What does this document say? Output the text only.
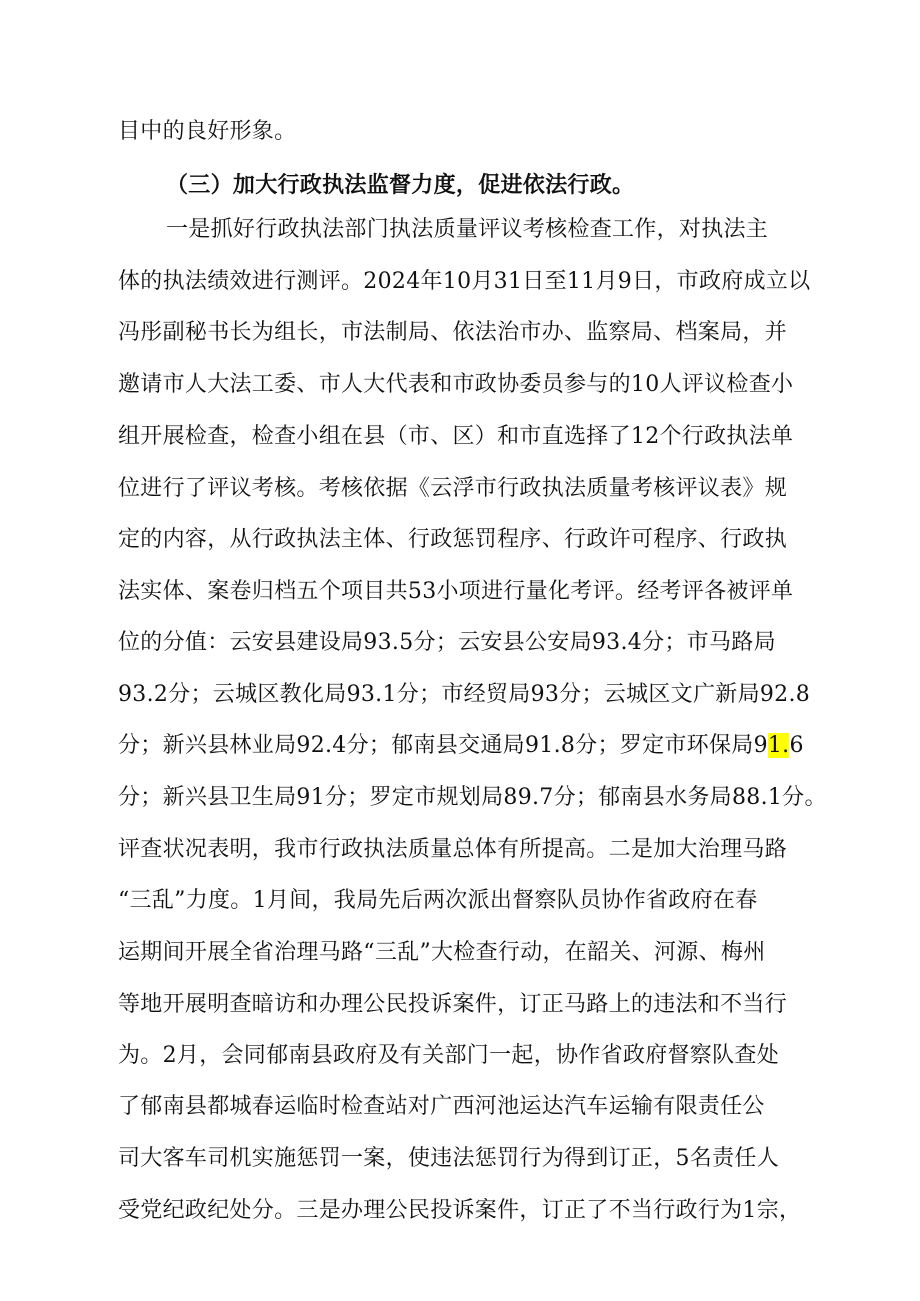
目中的良好形象。
（三）加大行政执法监督力度，促进依法行政。
一是抓好行政执法部门执法质量评议考核检查工作，对执法主
体的执法绩效进行测评。2024年10月31日至11月9日，市政府成立以
冯彤副秘书长为组长，市法制局、依法治市办、监察局、档案局，并
邀请市人大法工委、市人大代表和市政协委员参与的10人评议检查小
组开展检查，检查小组在县（市、区）和市直选择了12个行政执法单
位进行了评议考核。考核依据《云浮市行政执法质量考核评议表》规
定的内容，从行政执法主体、行政惩罚程序、行政许可程序、行政执
法实体、案卷归档五个项目共53小项进行量化考评。经考评各被评单
位的分值：云安县建设局93.5分；云安县公安局93.4分；市马路局
93.2分；云城区教化局93.1分；市经贸局93分；云城区文广新局92.8
分；新兴县林业局92.4分；郁南县交通局91.8分；罗定市环保局91.6
分；新兴县卫生局91分；罗定市规划局89.7分；郁南县水务局88.1分。
评查状况表明，我市行政执法质量总体有所提高。二是加大治理马路
“三乱”力度。1月间，我局先后两次派出督察队员协作省政府在春
运期间开展全省治理马路“三乱”大检查行动，在韶关、河源、梅州
等地开展明查暗访和办理公民投诉案件，订正马路上的违法和不当行
为。2月，会同郁南县政府及有关部门一起，协作省政府督察队查处
了郁南县都城春运临时检查站对广西河池运达汽车运输有限责任公
司大客车司机实施惩罚一案，使违法惩罚行为得到订正，5名责任人
受党纪政纪处分。三是办理公民投诉案件，订正了不当行政行为1宗，
